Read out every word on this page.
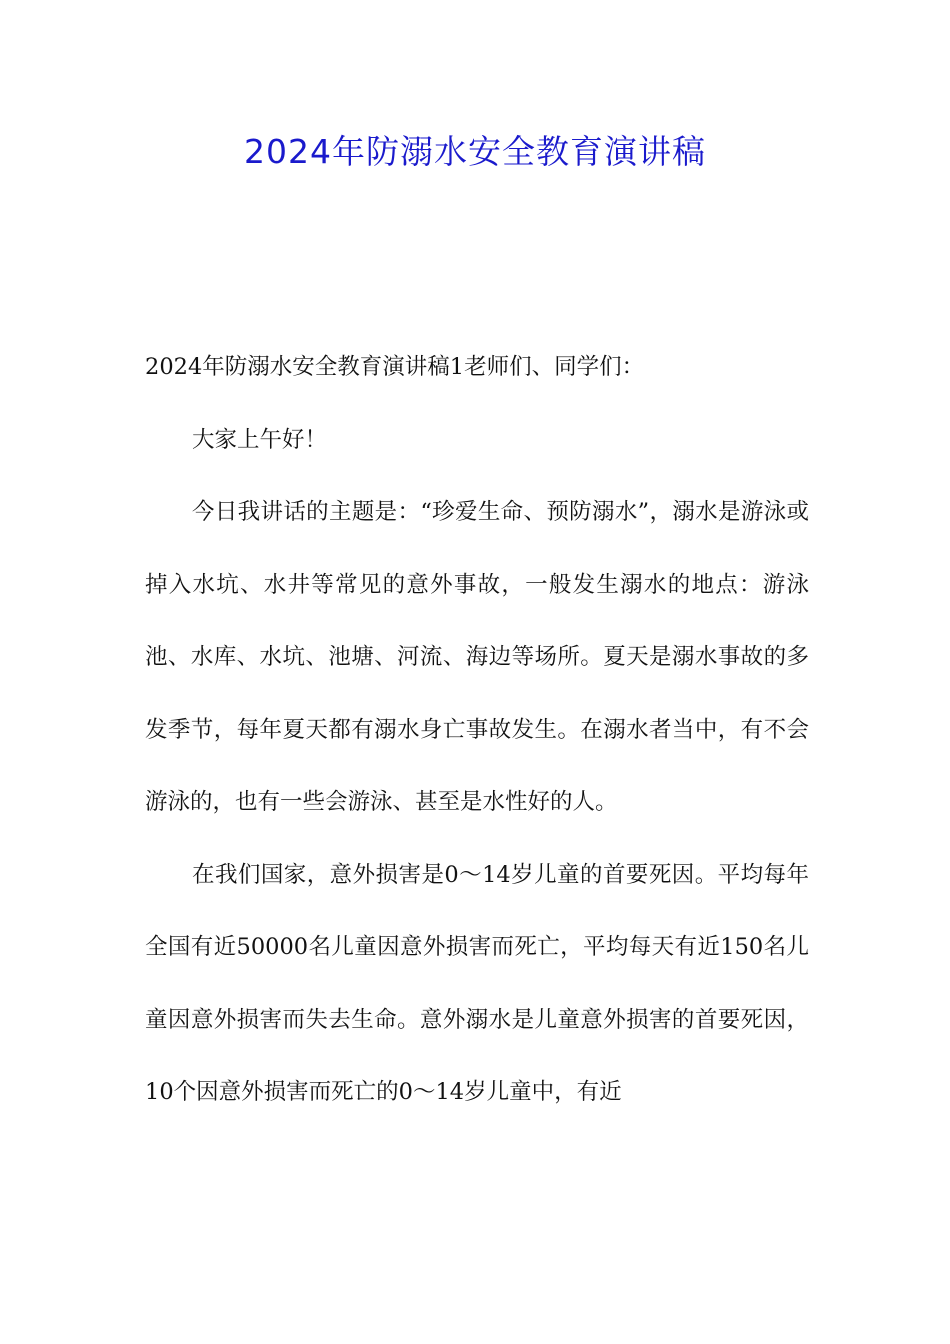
2024年防溺水安全教育演讲稿

2024年防溺水安全教育演讲稿1老师们、同学们：

大家上午好！

今日我讲话的主题是：“珍爱生命、预防溺水”，溺水是游泳或掉入水坑、水井等常见的意外事故，一般发生溺水的地点：游泳池、水库、水坑、池塘、河流、海边等场所。夏天是溺水事故的多发季节，每年夏天都有溺水身亡事故发生。在溺水者当中，有不会游泳的，也有一些会游泳、甚至是水性好的人。

在我们国家，意外损害是0～14岁儿童的首要死因。平均每年全国有近50000名儿童因意外损害而死亡，平均每天有近150名儿童因意外损害而失去生命。意外溺水是儿童意外损害的首要死因，10个因意外损害而死亡的0～14岁儿童中，有近
